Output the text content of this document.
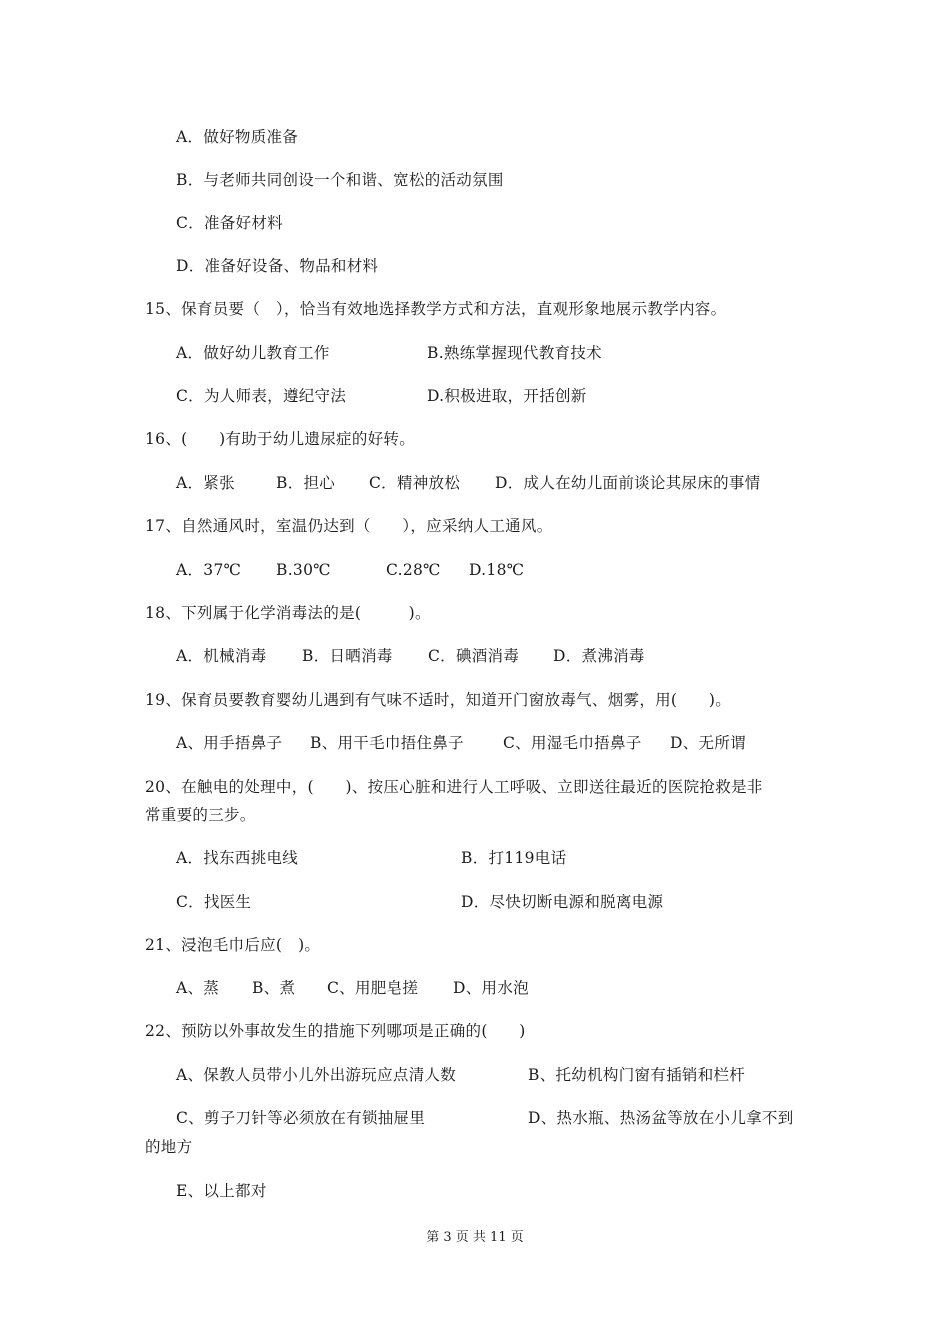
A．做好物质准备
B．与老师共同创设一个和谐、宽松的活动氛围
C．准备好材料
D．准备好设备、物品和材料
15、保育员要（　），恰当有效地选择教学方式和方法，直观形象地展示教学内容。
A．做好幼儿教育工作	B.熟练掌握现代教育技术
C．为人师表，遵纪守法	D.积极进取，开括创新
16、(　　)有助于幼儿遗尿症的好转。
A．紧张	B．担心 C．精神放松 D．成人在幼儿面前谈论其尿床的事情
17、自然通风时，室温仍达到（　　），应采纳人工通风。
A．37℃ B.30℃	C.28℃ D.18℃
18、下列属于化学消毒法的是(　　　)。
A．机械消毒 B．日晒消毒 C．碘酒消毒 D．煮沸消毒
19、保育员要教育婴幼儿遇到有气味不适时，知道开门窗放毒气、烟雾，用(　　)。
A、用手捂鼻子 B、用干毛巾捂住鼻子	C、用湿毛巾捂鼻子 D、无所谓
20、在触电的处理中，(　　)、按压心脏和进行人工呼吸、立即送往最近的医院抢救是非
常重要的三步。
A．找东西挑电线	B．打119电话
C．找医生	D．尽快切断电源和脱离电源
21、浸泡毛巾后应(　)。
A、蒸 B、煮 C、用肥皂搓 D、用水泡
22、预防以外事故发生的措施下列哪项是正确的(　　)
A、保教人员带小儿外出游玩应点清人数	B、托幼机构门窗有插销和栏杆
C、剪子刀针等必须放在有锁抽屉里	D、热水瓶、热汤盆等放在小儿拿不到
的地方
E、以上都对
第 3 页 共 11 页
